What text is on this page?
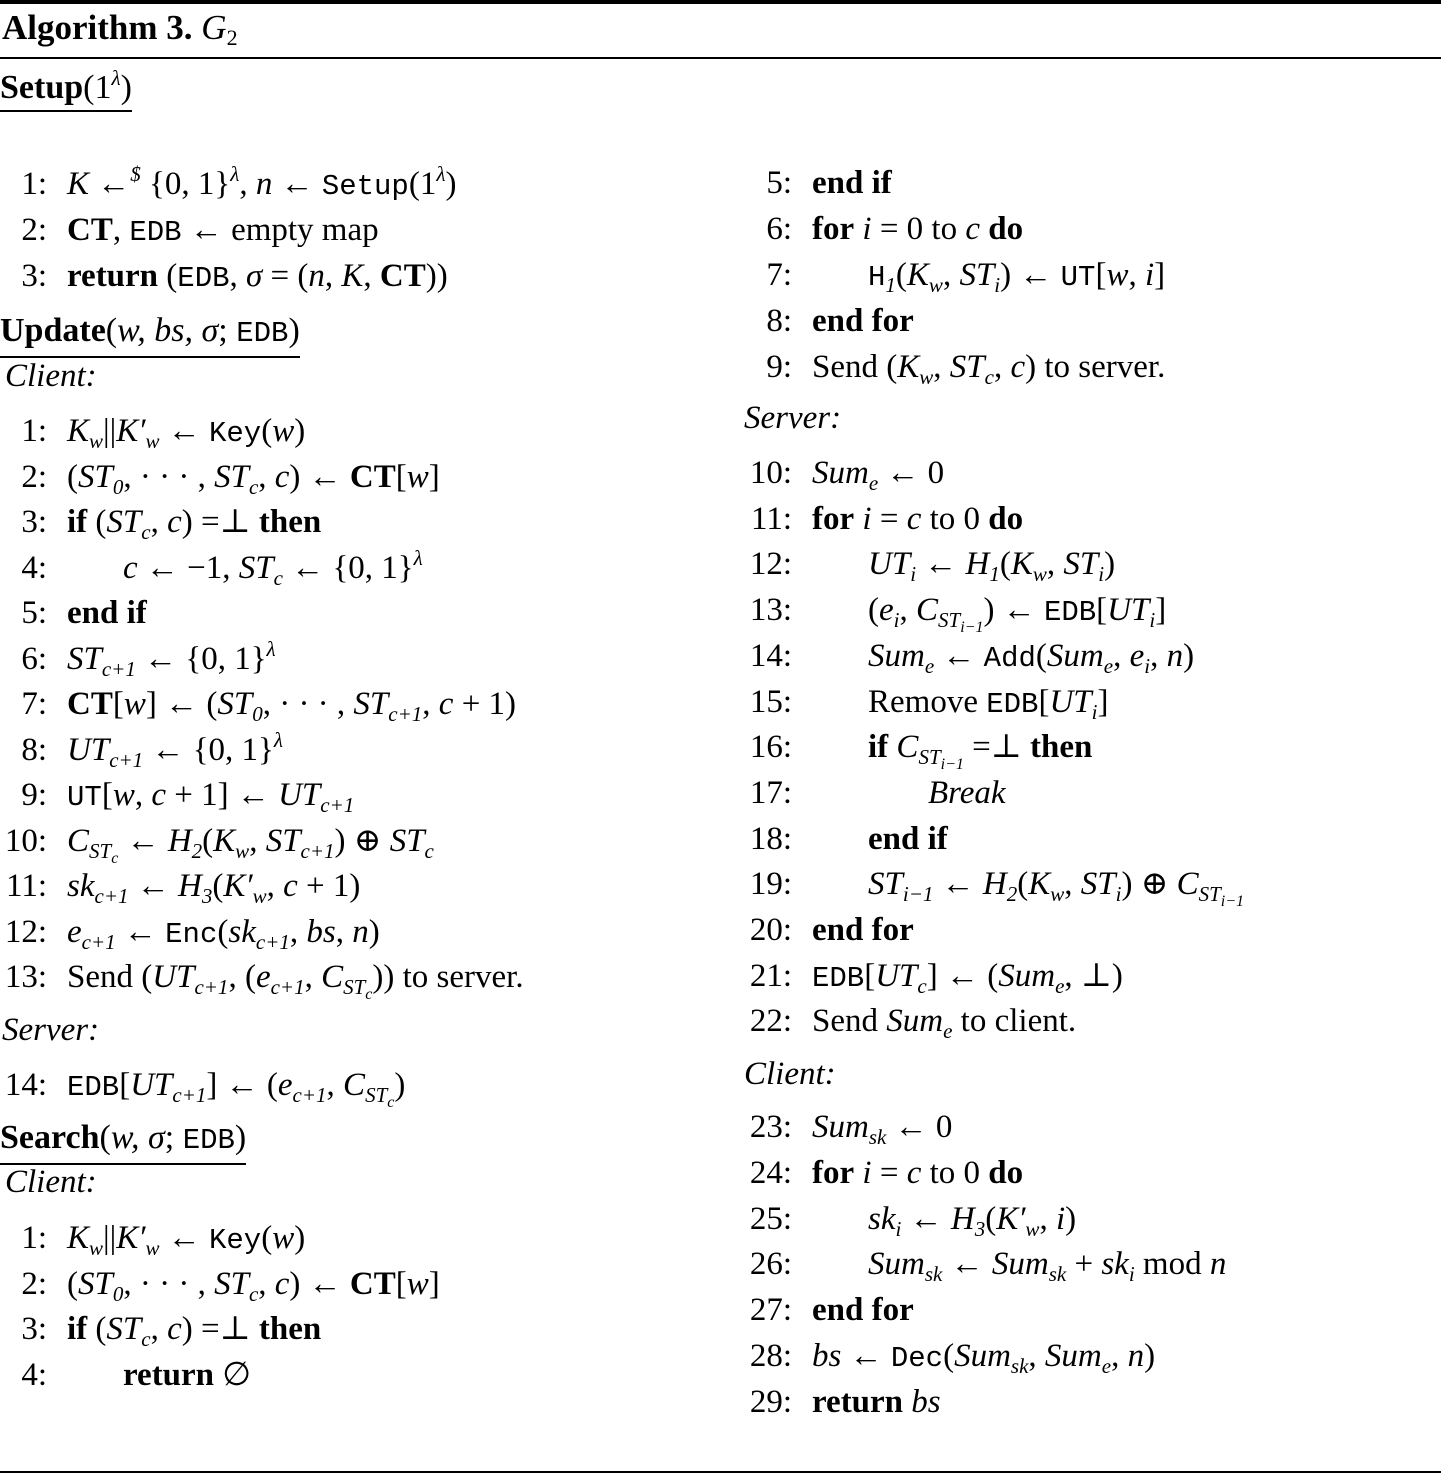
Algorithm 3. $G_2$
$Setup(1^\lambda)$
1: K ←$ {0, 1}$^\lambda$, n ← $Setup(1^\lambda)$
2: CT, EDB ← empty map
3: return (EDB, σ = (n, K, CT))
Update(w, bs, σ; EDB)
Client:
1: $K_w||K'_w$ ← Key(w)
2: ($ST_0$, · · · , $ST_c$, c) ← CT[w]
3: if ($ST_c$, c) =⊥ then
4: c ← −1, $ST_c$ ← {0, 1}$^\lambda$
5: end if
6: $ST_{c+1}$ ← {0, 1}$^\lambda$
7: CT[w] ← ($ST_0$, · · · , $ST_{c+1}$, c + 1)
8: $UT_{c+1}$ ← {0, 1}$^\lambda$
9: UT[w, c + 1] ← $UT_{c+1}$
10: $C_{ST_c}$ ← $H_2(K_w$, $ST_{c+1}$) ⊕ $ST_c$
11: $sk_{c+1}$ ← $H_3(K'_w$, c + 1)
12: $e_{c+1}$ ← $Enc(sk_{c+1}$, bs, n)
13: Send ($UT_{c+1}$, ($e_{c+1}$, $C_{ST_c}$)) to server.
Server:
14: $EDB[UT_{c+1}]$ ← ($e_{c+1}$, $C_{ST_c}$)
Search(w, σ; EDB)
Client:
1: $K_w||K'_w$ ← Key(w)
2: ($ST_0$, · · · , $ST_c$, c) ← CT[w]
3: if ($ST_c$, c) =⊥ then
4: return ∅
5: end if
6: for i = 0 to c do
7:	$H_1(K_w$, $ST_i$) ← UT[w, i]
8: end for
9: Send ($K_w$, $ST_c$, c) to server.
Server:
10: Sum$_e$ ← 0
11: for i = c to 0 do
12: $UT_i$ ← $H_1(K_w$, $ST_i$)
13: ($e_i$, $C_{ST_{i-1}}$) ← $EDB[UT_i]$
14: Sum$_e$ ← Add(Sum$_e$, $e_i$, n)
15: Remove $EDB[UT_i]$
16: if $C_{ST_{i-1}}$ =⊥ then
17:	Break
18: end if
19: $ST_{i-1}$ ← $H_2(K_w$, $ST_i$) ⊕ $C_{ST_{i-1}}$
20: end for
21: $EDB[UT_c]$ ← (Sum$_e$, ⊥)
22: Send Sum$_e$ to client.
Client:
23: Sum$_{sk}$ ← 0
24: for i = c to 0 do
25: $sk_i$ ← $H_3(K'_w$, i)
26: Sum$_{sk}$ ← $Sum_{sk} + sk_i$ mod n
27: end for
28: bs ← Dec(Sum$_{sk}$, Sum$_e$, n)
29: return bs
